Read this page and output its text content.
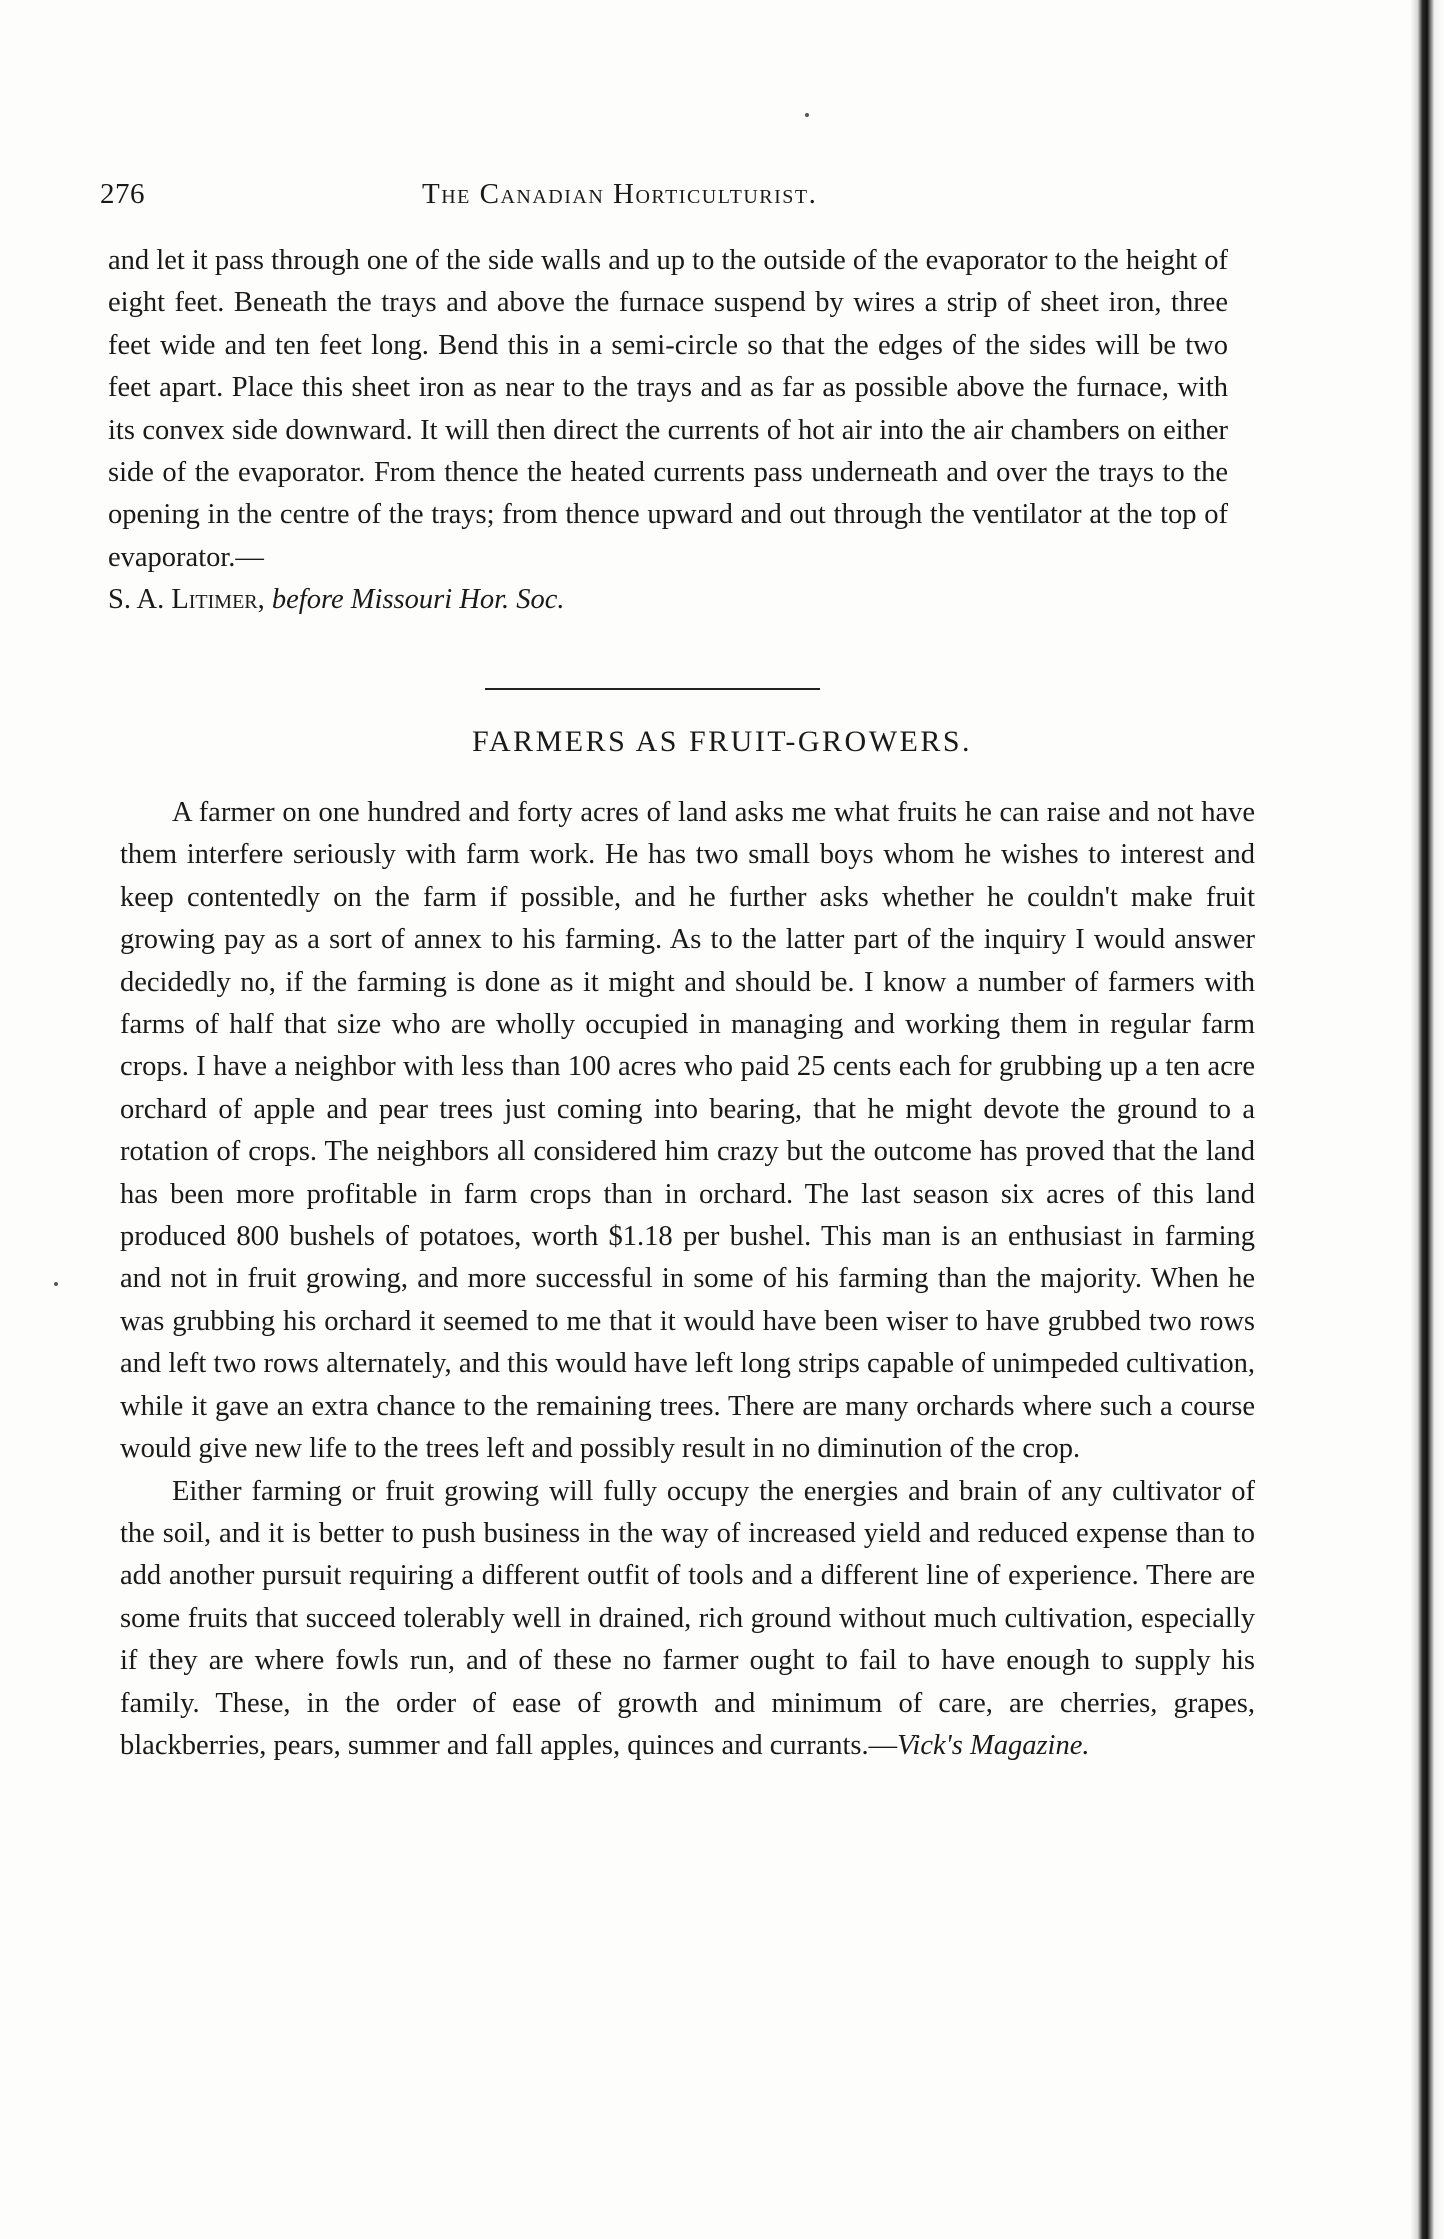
276	The Canadian Horticulturist.

and let it pass through one of the side walls and up to the outside of the evaporator to the height of eight feet. Beneath the trays and above the furnace suspend by wires a strip of sheet iron, three feet wide and ten feet long. Bend this in a semi-circle so that the edges of the sides will be two feet apart. Place this sheet iron as near to the trays and as far as possible above the furnace, with its convex side downward. It will then direct the currents of hot air into the air chambers on either side of the evaporator. From thence the heated currents pass underneath and over the trays to the opening in the centre of the trays; from thence upward and out through the ventilator at the top of evaporator.—
S. A. Litimer, before Missouri Hor. Soc.

FARMERS AS FRUIT-GROWERS.

A farmer on one hundred and forty acres of land asks me what fruits he can raise and not have them interfere seriously with farm work. He has two small boys whom he wishes to interest and keep contentedly on the farm if possible, and he further asks whether he couldn't make fruit growing pay as a sort of annex to his farming. As to the latter part of the inquiry I would answer decidedly no, if the farming is done as it might and should be. I know a number of farmers with farms of half that size who are wholly occupied in managing and working them in regular farm crops. I have a neighbor with less than 100 acres who paid 25 cents each for grubbing up a ten acre orchard of apple and pear trees just coming into bearing, that he might devote the ground to a rotation of crops. The neighbors all considered him crazy but the outcome has proved that the land has been more profitable in farm crops than in orchard. The last season six acres of this land produced 800 bushels of potatoes, worth $1.18 per bushel. This man is an enthusiast in farming and not in fruit growing, and more successful in some of his farming than the majority. When he was grubbing his orchard it seemed to me that it would have been wiser to have grubbed two rows and left two rows alternately, and this would have left long strips capable of unimpeded cultivation, while it gave an extra chance to the remaining trees. There are many orchards where such a course would give new life to the trees left and possibly result in no diminution of the crop.

Either farming or fruit growing will fully occupy the energies and brain of any cultivator of the soil, and it is better to push business in the way of increased yield and reduced expense than to add another pursuit requiring a different outfit of tools and a different line of experience. There are some fruits that succeed tolerably well in drained, rich ground without much cultivation, especially if they are where fowls run, and of these no farmer ought to fail to have enough to supply his family. These, in the order of ease of growth and minimum of care, are cherries, grapes, blackberries, pears, summer and fall apples, quinces and currants.—Vick's Magazine.
